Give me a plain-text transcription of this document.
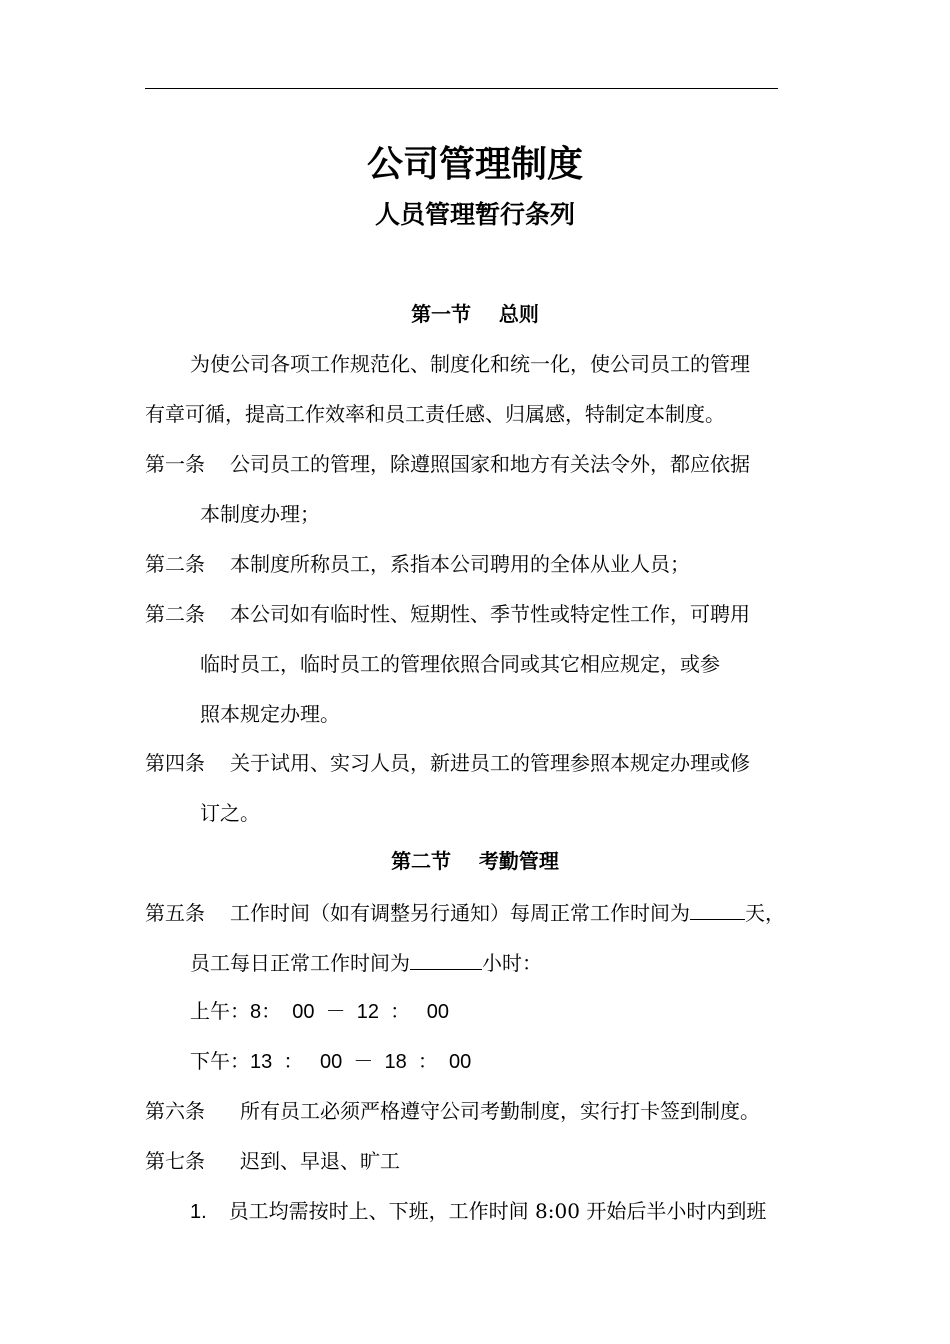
公司管理制度
人员管理暂行条列
第一节    总则
为使公司各项工作规范化、制度化和统一化，使公司员工的管理
有章可循，提高工作效率和员工责任感、归属感，特制定本制度。
第一条 公司员工的管理，除遵照国家和地方有关法令外，都应依据
本制度办理；
第二条 本制度所称员工，系指本公司聘用的全体从业人员；
第二条 本公司如有临时性、短期性、季节性或特定性工作，可聘用
临时员工，临时员工的管理依照合同或其它相应规定，或参
照本规定办理。
第四条 关于试用、实习人员，新进员工的管理参照本规定办理或修
订之。
第二节    考勤管理
第五条 工作时间（如有调整另行通知）每周正常工作时间为	天，
员工每日正常工作时间为	小时：
上午：8：  00  －  12  ：   00
下午：13  ：   00  －  18  ：  00
第六条 所有员工必须严格遵守公司考勤制度，实行打卡签到制度。
第七条 迟到、早退、旷工
1. 员工均需按时上、下班，工作时间 8:00 开始后半小时内到班
